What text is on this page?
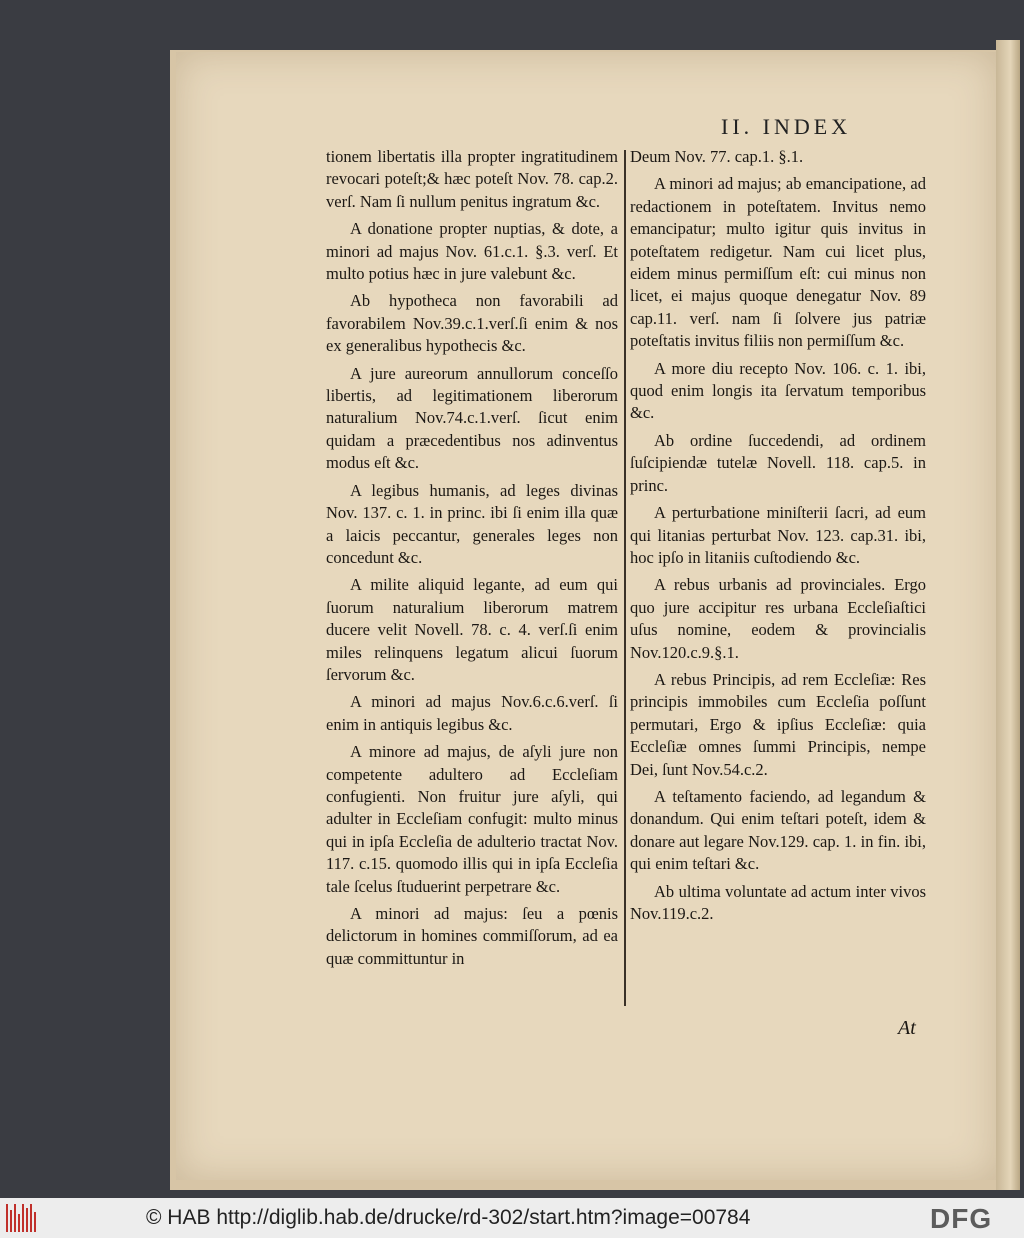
II. INDEX

tionem libertatis illa propter ingratitudinem revocari poteſt;& hæc poteſt Nov. 78. cap.2. verſ. Nam ſi nullum penitus ingratum &c.

A donatione propter nuptias, & dote, a minori ad majus Nov. 61.c.1. §.3. verſ. Et multo potius hæc in jure valebunt &c.

Ab hypotheca non favorabili ad favorabilem Nov.39.c.1.verſ.ſi enim & nos ex generalibus hypothecis &c.

A jure aureorum annullorum conceſſo libertis, ad legitimationem liberorum naturalium Nov.74.c.1.verſ. ſicut enim quidam a præcedentibus nos adinventus modus eſt &c.

A legibus humanis, ad leges divinas Nov. 137. c. 1. in princ. ibi ſi enim illa quæ a laicis peccantur, generales leges non concedunt &c.

A milite aliquid legante, ad eum qui ſuorum naturalium liberorum matrem ducere velit Novell. 78. c. 4. verſ.ſi enim miles relinquens legatum alicui ſuorum ſervorum &c.

A minori ad majus Nov.6.c.6.verſ. ſi enim in antiquis legibus &c.

A minore ad majus, de aſyli jure non competente adultero ad Eccleſiam confugienti. Non fruitur jure aſyli, qui adulter in Eccleſiam confugit: multo minus qui in ipſa Eccleſia de adulterio tractat Nov. 117. c.15. quomodo illis qui in ipſa Eccleſia tale ſcelus ſtuduerint perpetrare &c.

A minori ad majus: ſeu a pœnis delictorum in homines commiſſorum, ad ea quæ committuntur in

Deum Nov. 77. cap.1. §.1.

A minori ad majus; ab emancipatione, ad redactionem in poteſtatem. Invitus nemo emancipatur; multo igitur quis invitus in poteſtatem redigetur. Nam cui licet plus, eidem minus permiſſum eſt: cui minus non licet, ei majus quoque denegatur Nov. 89 cap.11. verſ. nam ſi ſolvere jus patriæ poteſtatis invitus filiis non permiſſum &c.

A more diu recepto Nov. 106. c. 1. ibi, quod enim longis ita ſervatum temporibus &c.

Ab ordine ſuccedendi, ad ordinem ſuſcipiendæ tutelæ Novell. 118. cap.5. in princ.

A perturbatione miniſterii ſacri, ad eum qui litanias perturbat Nov. 123. cap.31. ibi, hoc ipſo in litaniis cuſtodiendo &c.

A rebus urbanis ad provinciales. Ergo quo jure accipitur res urbana Eccleſiaſtici uſus nomine, eodem & provincialis Nov.120.c.9.§.1.

A rebus Principis, ad rem Eccleſiæ: Res principis immobiles cum Eccleſia poſſunt permutari, Ergo & ipſius Eccleſiæ: quia Eccleſiæ omnes ſummi Principis, nempe Dei, ſunt Nov.54.c.2.

A teſtamento faciendo, ad legandum & donandum. Qui enim teſtari poteſt, idem & donare aut legare Nov.129. cap. 1. in fin. ibi, qui enim teſtari &c.

Ab ultima voluntate ad actum inter vivos Nov.119.c.2.

At
© HAB http://diglib.hab.de/drucke/rd-302/start.htm?image=00784	DFG
